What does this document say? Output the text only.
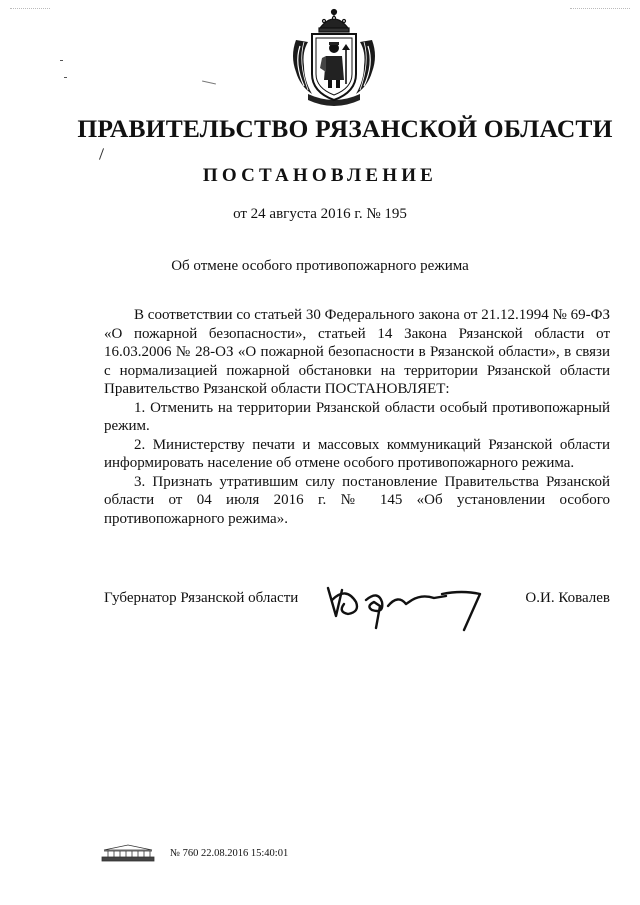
ПРАВИТЕЛЬСТВО РЯЗАНСКОЙ ОБЛАСТИ
ПОСТАНОВЛЕНИЕ
от 24 августа 2016 г. № 195
Об отмене особого противопожарного режима

В соответствии со статьей 30 Федерального закона от 21.12.1994 № 69-ФЗ «О пожарной безопасности», статьей 14 Закона Рязанской области от 16.03.2006 № 28-ОЗ «О пожарной безопасности в Рязанской области», в связи с нормализацией пожарной обстановки на территории Рязанской области Правительство Рязанской области ПОСТАНОВЛЯЕТ:

1. Отменить на территории Рязанской области особый противопожарный режим.

2. Министерству печати и массовых коммуникаций Рязанской области информировать население об отмене особого противопожарного режима.

3. Признать утратившим силу постановление Правительства Рязанской области от 04 июля 2016 г. № 145 «Об установлении особого противопожарного режима».

Губернатор Рязанской области	О.И. Ковалев
№ 760 22.08.2016 15:40:01
